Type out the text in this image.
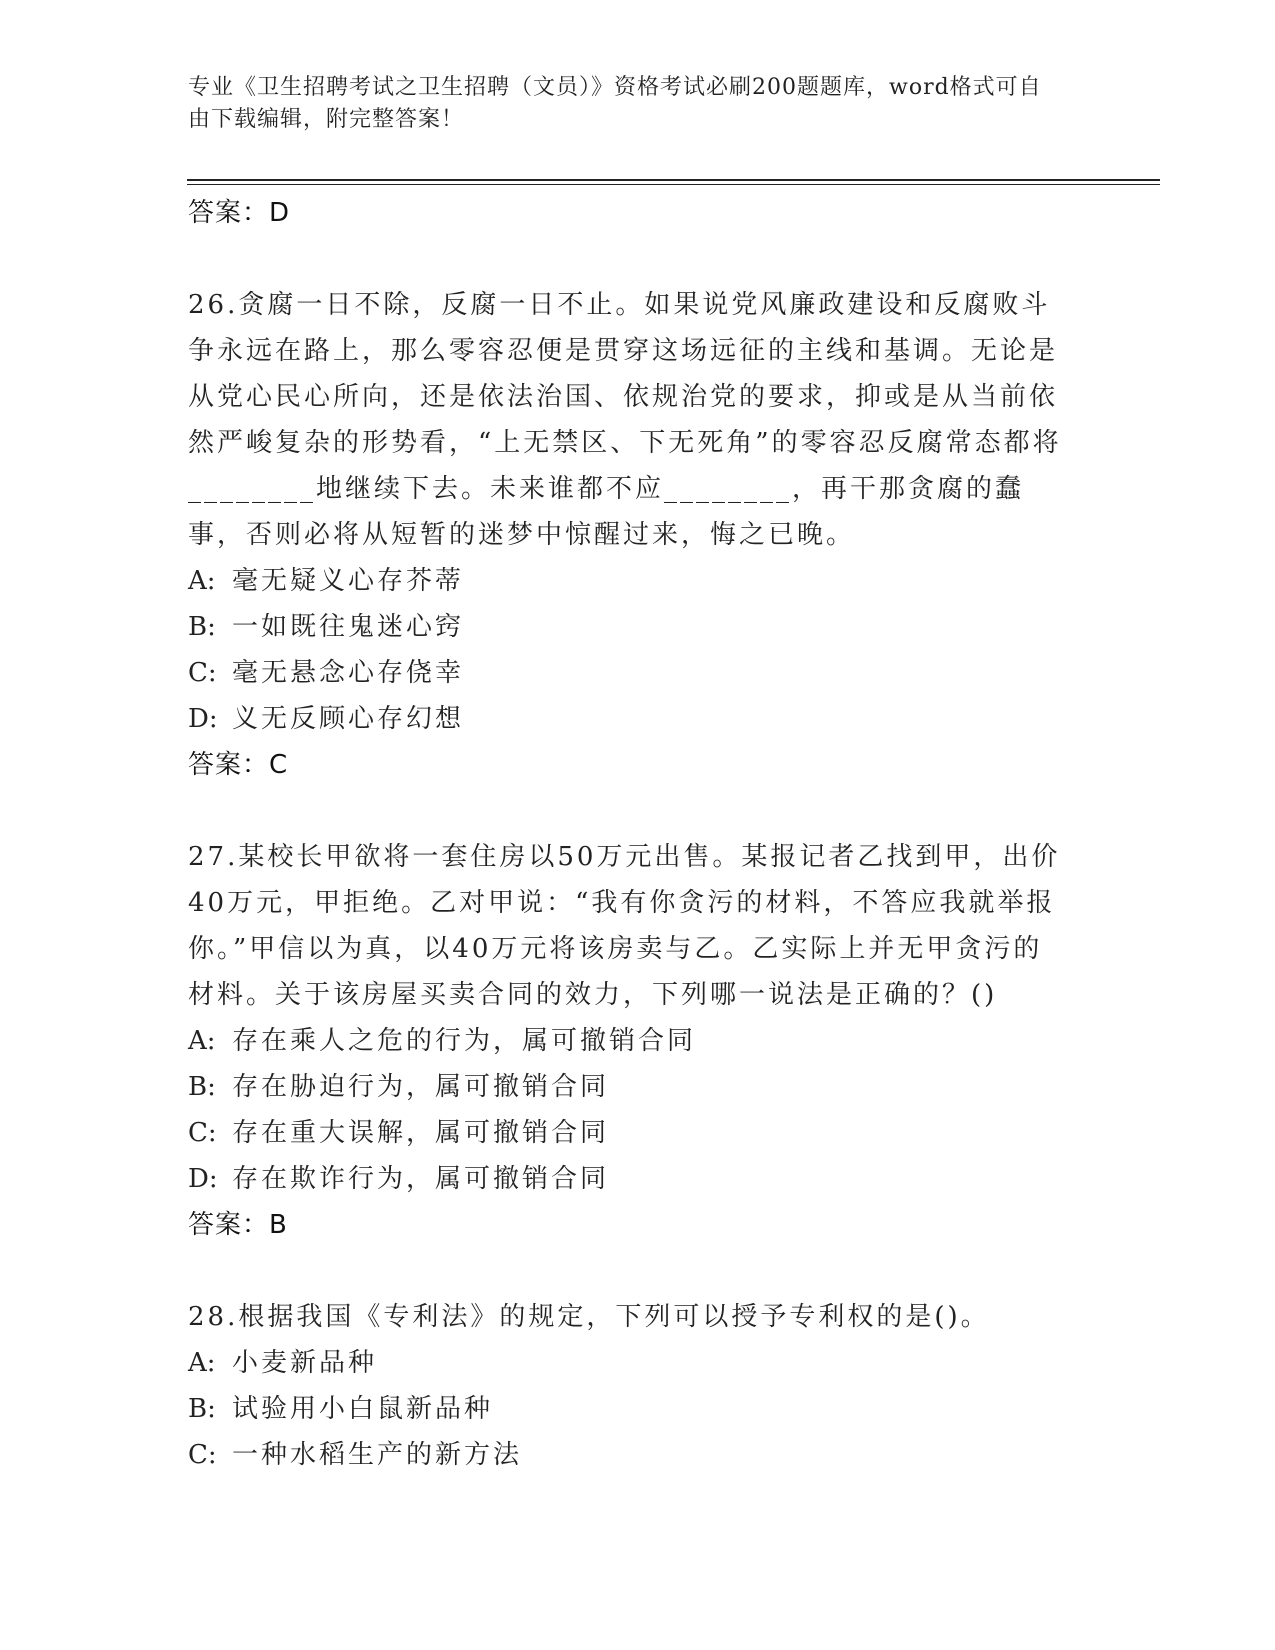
专业《卫生招聘考试之卫生招聘（文员）》资格考试必刷200题题库，word格式可自由下载编辑，附完整答案！
答案：D
26.贪腐一日不除，反腐一日不止。如果说党风廉政建设和反腐败斗争永远在路上，那么零容忍便是贯穿这场远征的主线和基调。无论是从党心民心所向，还是依法治国、依规治党的要求，抑或是从当前依然严峻复杂的形势看，“上无禁区、下无死角”的零容忍反腐常态都将________地继续下去。未来谁都不应________，再干那贪腐的蠢事，否则必将从短暂的迷梦中惊醒过来，悔之已晚。
A: 毫无疑义心存芥蒂
B: 一如既往鬼迷心窍
C: 毫无悬念心存侥幸
D: 义无反顾心存幻想
答案：C
27.某校长甲欲将一套住房以50万元出售。某报记者乙找到甲，出价40万元，甲拒绝。乙对甲说：“我有你贪污的材料，不答应我就举报你。”甲信以为真，以40万元将该房卖与乙。乙实际上并无甲贪污的材料。关于该房屋买卖合同的效力，下列哪一说法是正确的？()
A: 存在乘人之危的行为，属可撤销合同
B: 存在胁迫行为，属可撤销合同
C: 存在重大误解，属可撤销合同
D: 存在欺诈行为，属可撤销合同
答案：B
28.根据我国《专利法》的规定，下列可以授予专利权的是()。
A: 小麦新品种
B: 试验用小白鼠新品种
C: 一种水稻生产的新方法
